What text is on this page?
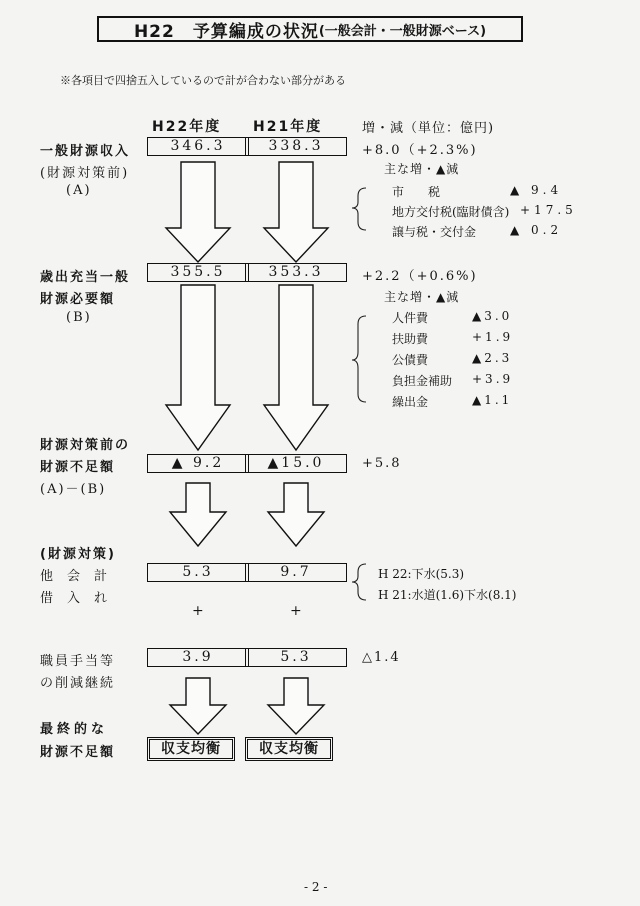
H22　予算編成の状況 (一般会計・一般財源ベース)
※各項目で四捨五入しているので計が合わない部分がある
H22年度 H21年度	増・減（単位：億円)
一般財源収入
(財源対策前)
(A)
346.3	338.3	+8.0（+2.3%)
主な増・▲減
市　　税	▲ 9.4
地方交付税(臨財債含) +17.5
譲与税・交付金	▲ 0.2
歳出充当一般
財源必要額
(B)
355.5	353.3	+2.2（+0.6%)
主な増・▲減
人件費	▲3.0
扶助費	+1.9
公債費	▲2.3
負担金補助 +3.9
繰出金	▲1.1
財源対策前の
財源不足額
(A)－(B)
▲ 9.2	▲15.0	+5.8
(財源対策)
他会計
借入れ
5.3	9.7	H 22:下水(5.3)
H 21:水道(1.6)下水(8.1)
+	+
職員手当等
の削減継続
3.9	5.3	△1.4
最終的な
財源不足額	収支均衡	収支均衡
- 2 -
